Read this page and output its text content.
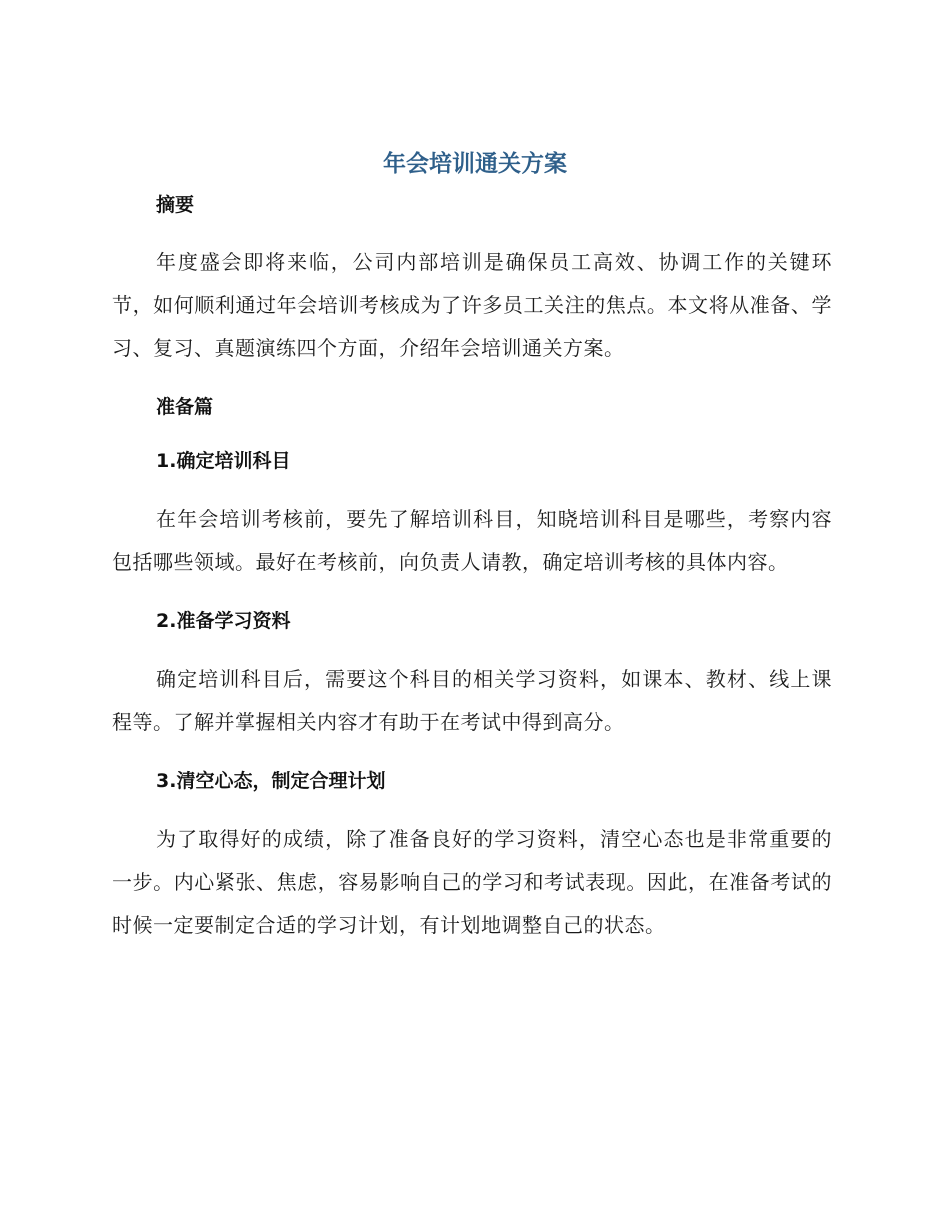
年会培训通关方案

摘要

年度盛会即将来临，公司内部培训是确保员工高效、协调工作的关键环节，如何顺利通过年会培训考核成为了许多员工关注的焦点。本文将从准备、学习、复习、真题演练四个方面，介绍年会培训通关方案。

准备篇

1.确定培训科目

在年会培训考核前，要先了解培训科目，知晓培训科目是哪些，考察内容包括哪些领域。最好在考核前，向负责人请教，确定培训考核的具体内容。

2.准备学习资料

确定培训科目后，需要这个科目的相关学习资料，如课本、教材、线上课程等。了解并掌握相关内容才有助于在考试中得到高分。

3.清空心态，制定合理计划

为了取得好的成绩，除了准备良好的学习资料，清空心态也是非常重要的一步。内心紧张、焦虑，容易影响自己的学习和考试表现。因此，在准备考试的时候一定要制定合适的学习计划，有计划地调整自己的状态。
